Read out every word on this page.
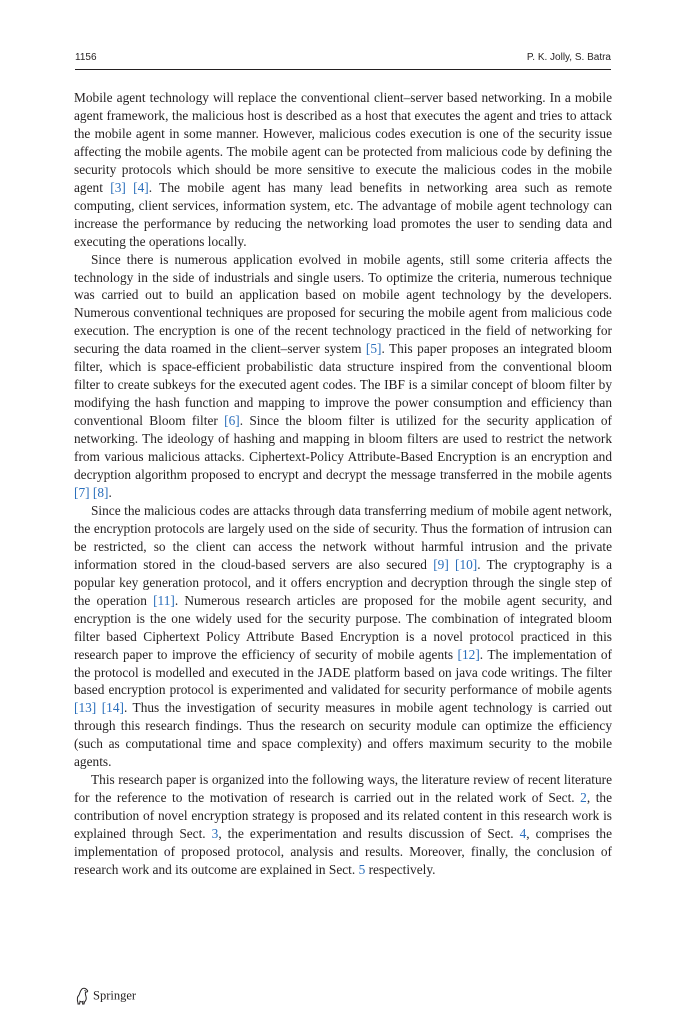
1156	P. K. Jolly, S. Batra

Mobile agent technology will replace the conventional client–server based networking. In a mobile agent framework, the malicious host is described as a host that executes the agent and tries to attack the mobile agent in some manner. However, malicious codes execution is one of the security issue affecting the mobile agents. The mobile agent can be protected from malicious code by defining the security protocols which should be more sensitive to execute the malicious codes in the mobile agent [3] [4]. The mobile agent has many lead benefits in networking area such as remote computing, client services, information system, etc. The advantage of mobile agent technology can increase the performance by reducing the networking load promotes the user to sending data and executing the operations locally.

Since there is numerous application evolved in mobile agents, still some criteria affects the technology in the side of industrials and single users. To optimize the criteria, numerous technique was carried out to build an application based on mobile agent technology by the developers. Numerous conventional techniques are proposed for securing the mobile agent from malicious code execution. The encryption is one of the recent technology practiced in the field of networking for securing the data roamed in the client–server system [5]. This paper proposes an integrated bloom filter, which is space-efficient probabilistic data structure inspired from the conventional bloom filter to create subkeys for the executed agent codes. The IBF is a similar concept of bloom filter by modifying the hash function and mapping to improve the power consumption and efficiency than conventional Bloom filter [6]. Since the bloom filter is utilized for the security application of networking. The ideology of hashing and mapping in bloom filters are used to restrict the network from various malicious attacks. Ciphertext-Policy Attribute-Based Encryption is an encryption and decryption algorithm proposed to encrypt and decrypt the message transferred in the mobile agents [7] [8].

Since the malicious codes are attacks through data transferring medium of mobile agent network, the encryption protocols are largely used on the side of security. Thus the formation of intrusion can be restricted, so the client can access the network without harmful intrusion and the private information stored in the cloud-based servers are also secured [9] [10]. The cryptography is a popular key generation protocol, and it offers encryption and decryption through the single step of the operation [11]. Numerous research articles are proposed for the mobile agent security, and encryption is the one widely used for the security purpose. The combination of integrated bloom filter based Ciphertext Policy Attribute Based Encryption is a novel protocol practiced in this research paper to improve the efficiency of security of mobile agents [12]. The implementation of the protocol is modelled and executed in the JADE platform based on java code writings. The filter based encryption protocol is experimented and validated for security performance of mobile agents [13] [14]. Thus the investigation of security measures in mobile agent technology is carried out through this research findings. Thus the research on security module can optimize the efficiency (such as computational time and space complexity) and offers maximum security to the mobile agents.

This research paper is organized into the following ways, the literature review of recent literature for the reference to the motivation of research is carried out in the related work of Sect. 2, the contribution of novel encryption strategy is proposed and its related content in this research work is explained through Sect. 3, the experimentation and results discussion of Sect. 4, comprises the implementation of proposed protocol, analysis and results. Moreover, finally, the conclusion of research work and its outcome are explained in Sect. 5 respectively.

Springer
